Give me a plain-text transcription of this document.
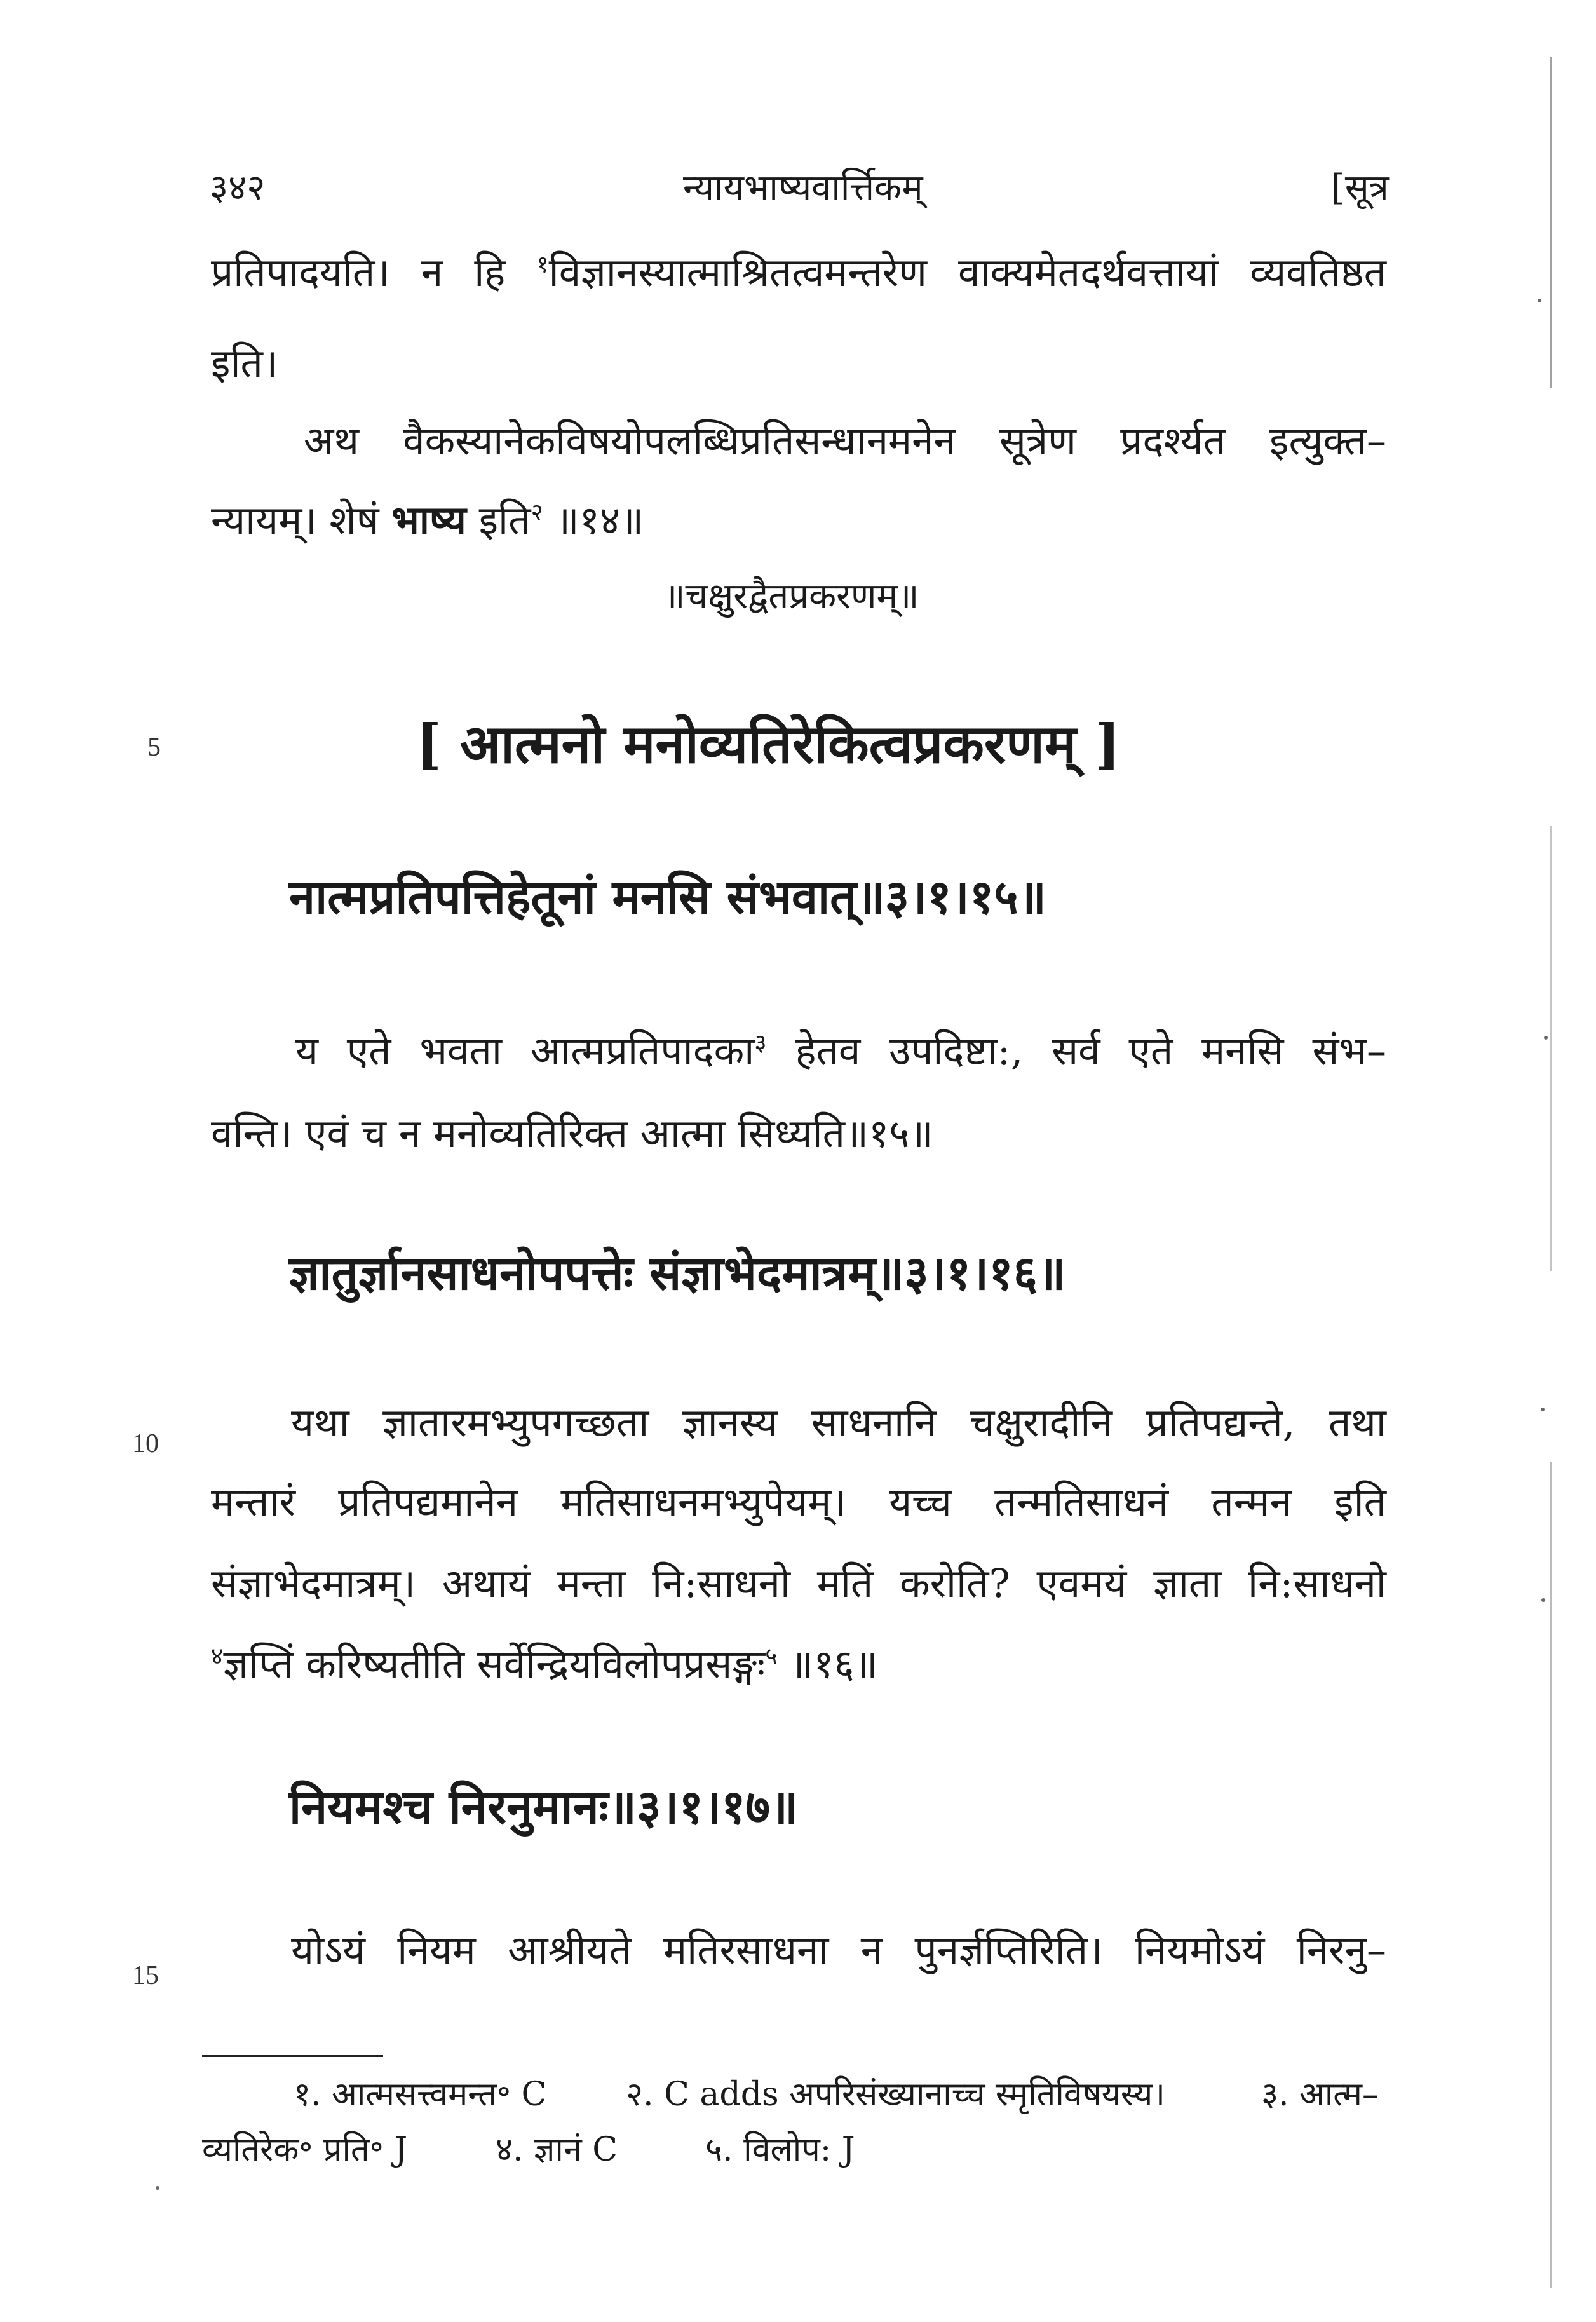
३४२	न्यायभाष्यवार्त्तिकम्	[सूत्र
प्रतिपादयति। न हि $^१$विज्ञानस्यात्माश्रितत्वमन्तरेण वाक्यमेतदर्थवत्तायां व्यवतिष्ठत
इति।
अथ वैकस्यानेकविषयोपलब्धिप्रतिसन्धानमनेन सूत्रेण प्रदर्श्यत इत्युक्त–
न्यायम्। शेषं भाष्य इति$^२$ ॥१४॥
॥चक्षुरद्वैतप्रकरणम्॥
5	[ आत्मनो मनोव्यतिरेकित्वप्रकरणम् ]
नात्मप्रतिपत्तिहेतूनां मनसि संभवात्॥३।१।१५॥
य एते भवता आत्मप्रतिपादका$^३$ हेतव उपदिष्टा:, सर्व एते मनसि संभ–
वन्ति। एवं च न मनोव्यतिरिक्त आत्मा सिध्यति॥१५॥
ज्ञातुर्ज्ञानसाधनोपपत्तेः संज्ञाभेदमात्रम्॥३।१।१६॥
10	यथा ज्ञातारमभ्युपगच्छता ज्ञानस्य साधनानि चक्षुरादीनि प्रतिपद्यन्ते, तथा
मन्तारं प्रतिपद्यमानेन मतिसाधनमभ्युपेयम्। यच्च तन्मतिसाधनं तन्मन इति
संज्ञाभेदमात्रम्। अथायं मन्ता नि:साधनो मतिं करोति? एवमयं ज्ञाता नि:साधनो
$^४$ज्ञप्तिं करिष्यतीति सर्वेन्द्रियविलोपप्रसङ्गः$^५$ ॥१६॥
नियमश्च निरनुमानः॥३।१।१७॥
15
योऽयं नियम आश्रीयते मतिरसाधना न पुनर्ज्ञप्तिरिति। नियमोऽयं निरनु–
१. आत्मसत्त्वमन्त॰ C २. C adds अपरिसंख्यानाच्च स्मृतिविषयस्य।	३. आत्म–
व्यतिरेक॰ प्रति॰ J	४. ज्ञानं C	५. विलोप: J
